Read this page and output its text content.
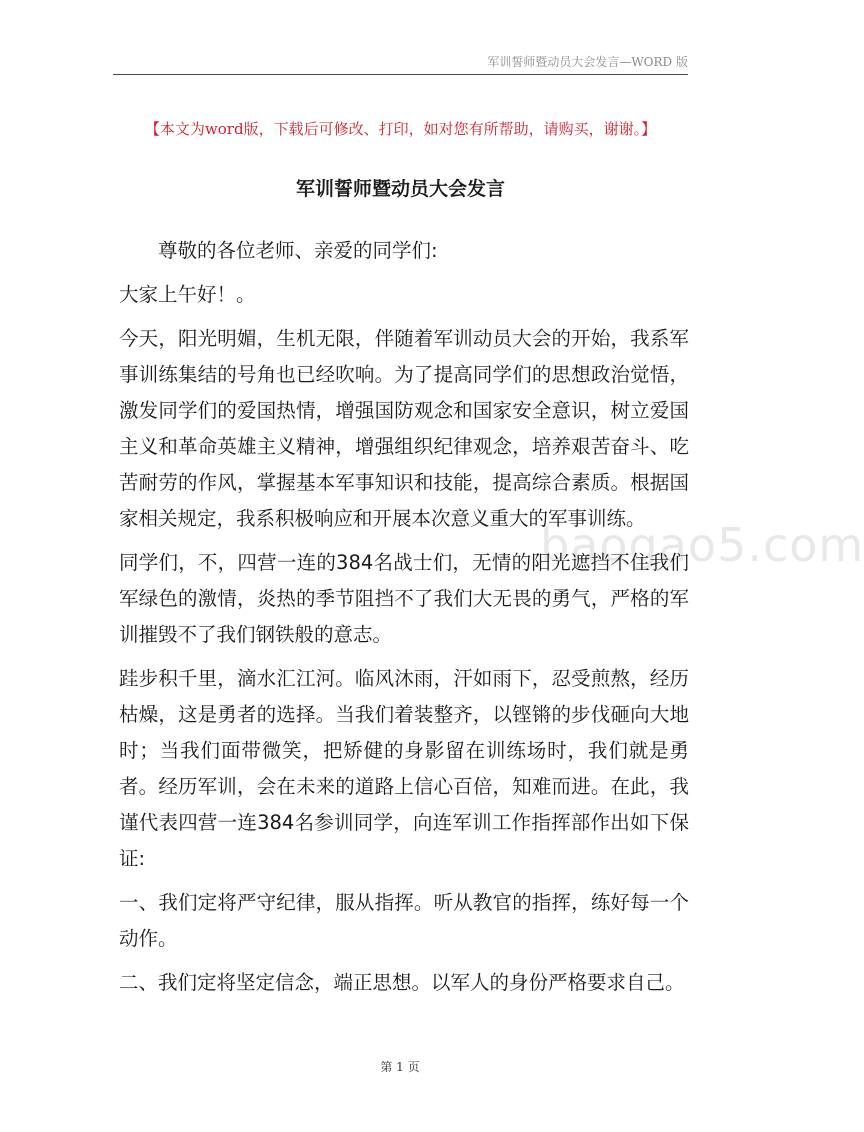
军训誓师暨动员大会发言—WORD 版
【本文为word版，下载后可修改、打印，如对您有所帮助，请购买，谢谢。】
军训誓师暨动员大会发言
baogao5.com

尊敬的各位老师、亲爱的同学们:

大家上午好！。

今天，阳光明媚，生机无限，伴随着军训动员大会的开始，我系军事训练集结的号角也已经吹响。为了提高同学们的思想政治觉悟，激发同学们的爱国热情，增强国防观念和国家安全意识，树立爱国主义和革命英雄主义精神，增强组织纪律观念，培养艰苦奋斗、吃苦耐劳的作风，掌握基本军事知识和技能，提高综合素质。根据国家相关规定，我系积极响应和开展本次意义重大的军事训练。

同学们，不，四营一连的384名战士们，无情的阳光遮挡不住我们军绿色的激情，炎热的季节阻挡不了我们大无畏的勇气，严格的军训摧毁不了我们钢铁般的意志。

跬步积千里，滴水汇江河。临风沐雨，汗如雨下，忍受煎熬，经历枯燥，这是勇者的选择。当我们着装整齐，以铿锵的步伐砸向大地时；当我们面带微笑，把矫健的身影留在训练场时，我们就是勇者。经历军训，会在未来的道路上信心百倍，知难而进。在此，我谨代表四营一连384名参训同学，向连军训工作指挥部作出如下保证:

一、我们定将严守纪律，服从指挥。听从教官的指挥，练好每一个动作。

二、我们定将坚定信念，端正思想。以军人的身份严格要求自己。

第 1 页
